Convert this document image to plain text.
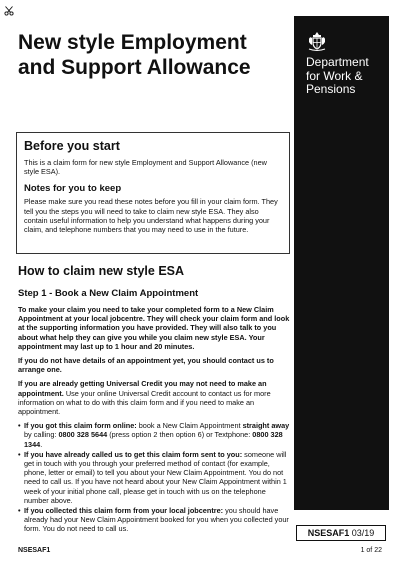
New style Employment and Support Allowance	Department
for Work &
Pensions
Before you start

This is a claim form for new style Employment and Support Allowance (new style ESA).

Notes for you to keep

Please make sure you read these notes before you fill in your claim form. They tell you the steps you will need to take to claim new style ESA. They also contain useful information to help you understand what happens during your claim, and telephone numbers that you may need to use in the future.

How to claim new style ESA
Step 1 - Book a New Claim Appointment

To make your claim you need to take your completed form to a New Claim Appointment at your local jobcentre. They will check your claim form and look at the supporting information you have provided. They will also talk to you about what help they can give you while you claim new style ESA. Your appointment may last up to 1 hour and 20 minutes.

If you do not have details of an appointment yet, you should contact us to arrange one.

If you are already getting Universal Credit you may not need to make an appointment. Use your online Universal Credit account to contact us for more information on what to do with this claim form and if you need to make an appointment.

• If you got this claim form online: book a New Claim Appointment straight away by calling: 0800 328 5644 (press option 2 then option 6) or Textphone: 0800 328 1344.
• If you have already called us to get this claim form sent to you: someone will get in touch with you through your preferred method of contact (for example, phone, letter or email) to tell you about your New Claim Appointment. You do not need to call us. If you have not heard about your New Claim Appointment within 1 week of your initial phone call, please get in touch with us on the telephone number above.
• If you collected this claim form from your local jobcentre: you should have already had your New Claim Appointment booked for you when you collected your form. You do not need to call us.	NSESAF1 03/19
NSESAF1	1 of 22
